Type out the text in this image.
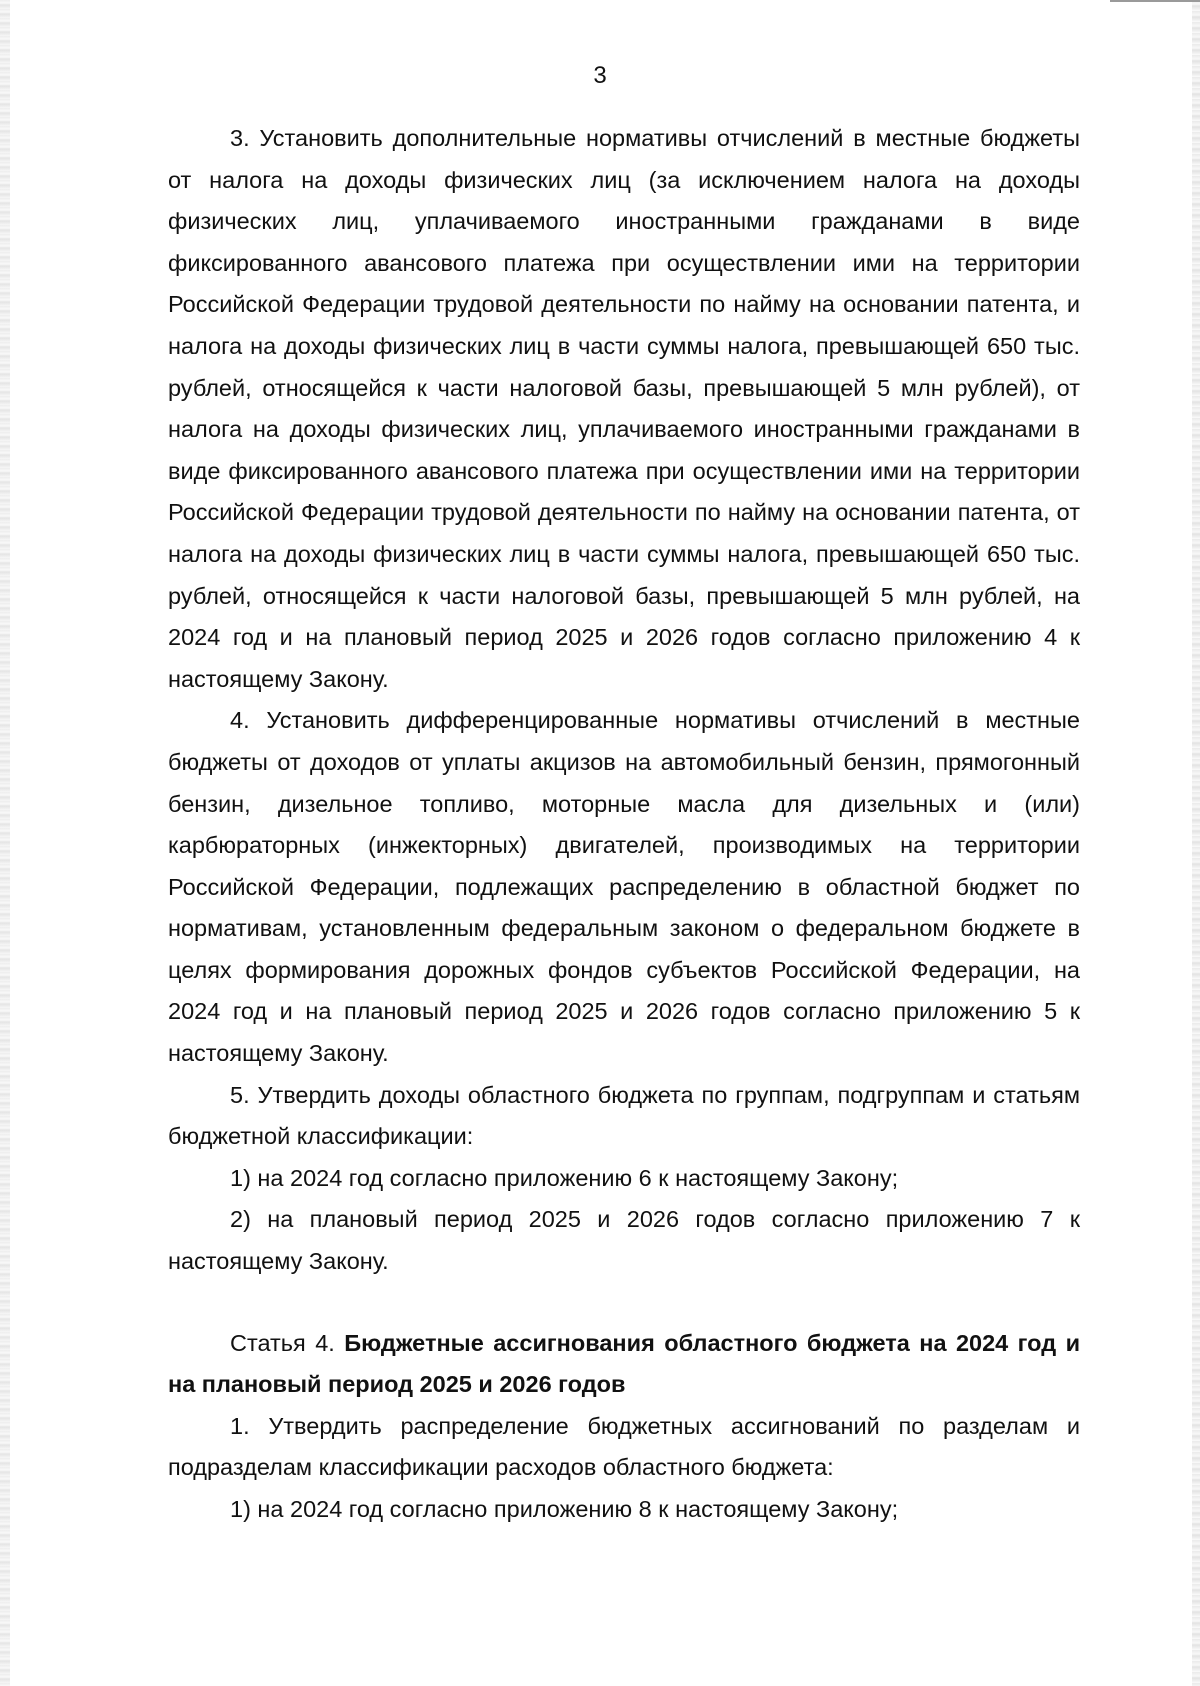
3

3. Установить дополнительные нормативы отчислений в местные бюджеты от налога на доходы физических лиц (за исключением налога на доходы физических лиц, уплачиваемого иностранными гражданами в виде фиксированного авансового платежа при осуществлении ими на территории Российской Федерации трудовой деятельности по найму на основании патента, и налога на доходы физических лиц в части суммы налога, превышающей 650 тыс. рублей, относящейся к части налоговой базы, превышающей 5 млн рублей), от налога на доходы физических лиц, уплачиваемого иностранными гражданами в виде фиксированного авансового платежа при осуществлении ими на территории Российской Федерации трудовой деятельности по найму на основании патента, от налога на доходы физических лиц в части суммы налога, превышающей 650 тыс. рублей, относящейся к части налоговой базы, превышающей 5 млн рублей, на 2024 год и на плановый период 2025 и 2026 годов согласно приложению 4 к настоящему Закону.

4. Установить дифференцированные нормативы отчислений в местные бюджеты от доходов от уплаты акцизов на автомобильный бензин, прямогонный бензин, дизельное топливо, моторные масла для дизельных и (или) карбюраторных (инжекторных) двигателей, производимых на территории Российской Федерации, подлежащих распределению в областной бюджет по нормативам, установленным федеральным законом о федеральном бюджете в целях формирования дорожных фондов субъектов Российской Федерации, на 2024 год и на плановый период 2025 и 2026 годов согласно приложению 5 к настоящему Закону.

5. Утвердить доходы областного бюджета по группам, подгруппам и статьям бюджетной классификации:

1) на 2024 год согласно приложению 6 к настоящему Закону;

2) на плановый период 2025 и 2026 годов согласно приложению 7 к настоящему Закону.

Статья 4. Бюджетные ассигнования областного бюджета на 2024 год и на плановый период 2025 и 2026 годов

1. Утвердить распределение бюджетных ассигнований по разделам и подразделам классификации расходов областного бюджета:

1) на 2024 год согласно приложению 8 к настоящему Закону;
